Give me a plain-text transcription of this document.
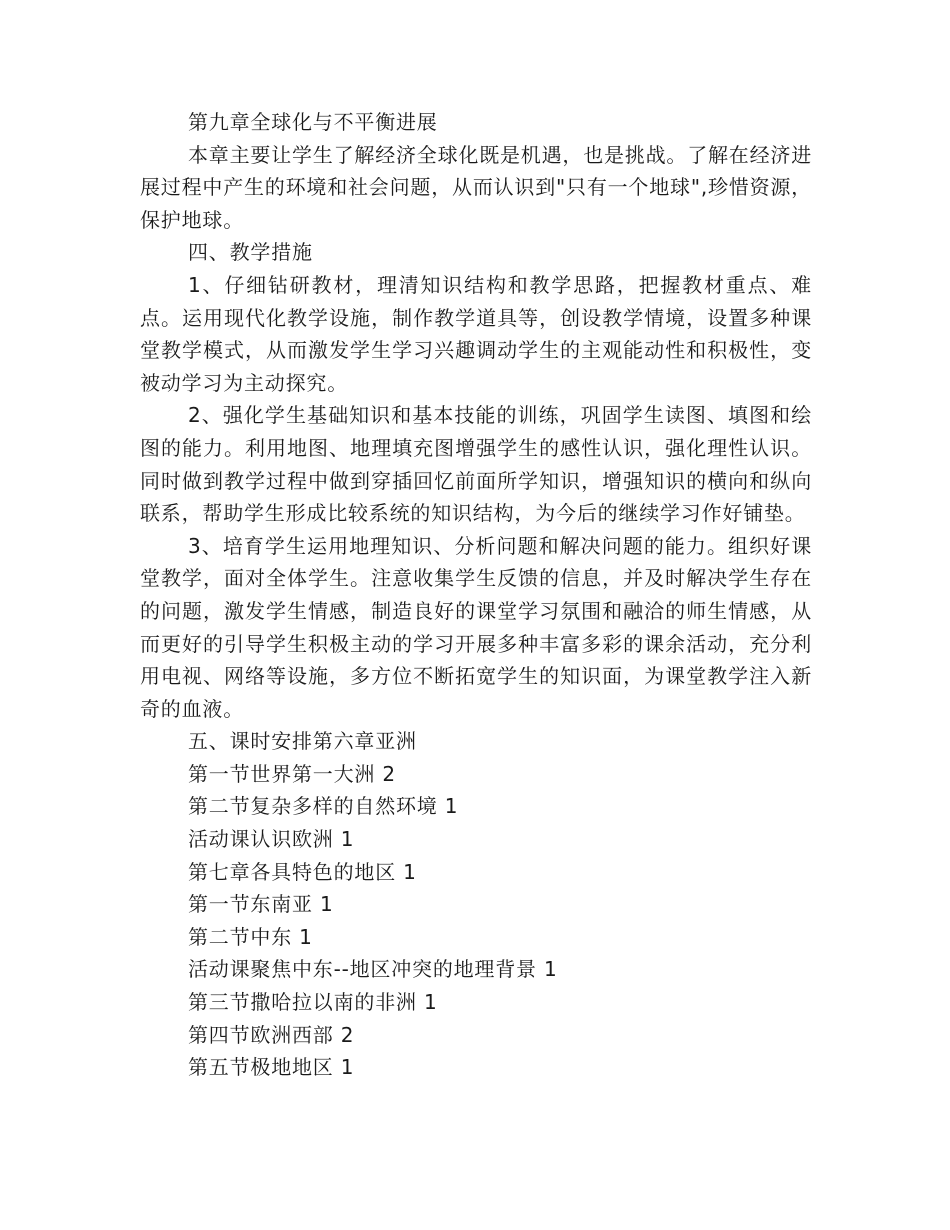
第九章全球化与不平衡进展

本章主要让学生了解经济全球化既是机遇，也是挑战。了解在经济进展过程中产生的环境和社会问题，从而认识到"只有一个地球",珍惜资源，保护地球。

四、教学措施

1、仔细钻研教材，理清知识结构和教学思路，把握教材重点、难点。运用现代化教学设施，制作教学道具等，创设教学情境，设置多种课堂教学模式，从而激发学生学习兴趣调动学生的主观能动性和积极性，变被动学习为主动探究。

2、强化学生基础知识和基本技能的训练，巩固学生读图、填图和绘图的能力。利用地图、地理填充图增强学生的感性认识，强化理性认识。同时做到教学过程中做到穿插回忆前面所学知识，增强知识的横向和纵向联系，帮助学生形成比较系统的知识结构，为今后的继续学习作好铺垫。

3、培育学生运用地理知识、分析问题和解决问题的能力。组织好课堂教学，面对全体学生。注意收集学生反馈的信息，并及时解决学生存在的问题，激发学生情感，制造良好的课堂学习氛围和融洽的师生情感，从而更好的引导学生积极主动的学习开展多种丰富多彩的课余活动，充分利用电视、网络等设施，多方位不断拓宽学生的知识面，为课堂教学注入新奇的血液。

五、课时安排第六章亚洲

第一节世界第一大洲 2

第二节复杂多样的自然环境 1

活动课认识欧洲 1

第七章各具特色的地区 1

第一节东南亚 1

第二节中东 1

活动课聚焦中东--地区冲突的地理背景 1

第三节撒哈拉以南的非洲 1

第四节欧洲西部 2

第五节极地地区 1
